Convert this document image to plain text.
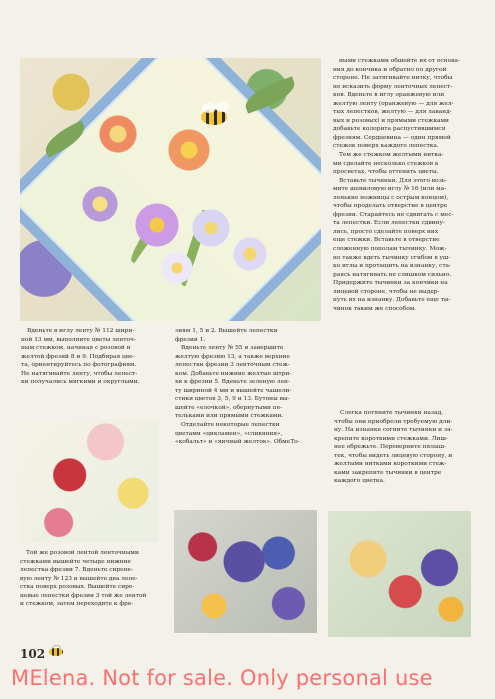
ными стежками обшейте их от основа-
ния до кончика и обратно по другой
стороне. Не затягивайте нитку, чтобы
не исказить форму ленточных лепест-
ков. Вденьте в иглу оранжевую или
желтую ленту (оранжевую — для жел-
тых лепестков, желтую — для лаванд-
вых и розовых) и прямыми стежками
добавьте колорита распустившимся
фрезиям. Сердцевина — один прямой
стежок поверх каждого лепестка.
Тем же стежком желтыми нитка-
ми сделайте несколько стежков в
просветах, чтобы оттенить цветы.
Вставьте тычинки. Для этого возь-
мите шениловую иглу № 16 (или ма-
ленькие ножницы с острым концом),
чтобы проделать отверстие в центре
фрезии. Старайтесь не сдвигать с мес-
та лепестки. Если лепестки сдвину-
лись, просто сделайте поверх них
еще стежки. Вставьте в отверстие
сложенную пополам тычинку. Мож-
но также вдеть тычинку сгибом в уш-
ко иглы и протащить на изнанку, ста-
раясь натягивать не слишком сильно.
Придержите тычинки за кончики на
лицевой стороне, чтобы не выдер-
нуть их на изнанку. Добавьте еще ты-
чинок таким же способом.
Вденьте в иглу ленту № 112 шири-
ной 13 мм, выполните цветы ленточ-
ным стежком, начиная с розовой и
желтой фрезий 8 и 9. Подбирая цве-
та, ориентируйтесь по фотографиям.
Не натягивайте ленту, чтобы лепест-
ки получались мягкими и округлыми.
зиям 1, 5 и 2. Вышейте лепестки
фрезии 1.
Вденьте ленту № 55 и завершите
желтую фрезию 13, а также верхние
лепестки фрезии 3 ленточным стеж-
ком. Добавьте нижние желтые штри-
хи к фрезии 5. Вденьте зеленую лен-
ту шириной 4 мм и вышейте чашели-
стики цветов 3, 5, 9 и 13. Бутоны вы-
шейте «елочкой», обернутыми пе-
тельками или прямыми стежками.
Отделайте некоторые лепестки
цветами «цикламен», «сливяния»,
«кобальт» и «яичный желток». ОбмеТо-
Слегка потяните тычинки назад,
чтобы они приобрели требуемую дли-
ну. На изнанке согните тычинки и за-
крепите короткими стежками. Лиш-
нее обрежьте. Переверните пялыш-
тек, чтобы видеть лицевую сторону, и
желтыми нитками короткими стеж-
ками закрепите тычинки в центре
каждого цветка.
Той же розовой лентой ленточными
стежками вышейте четыре нижние
лепестка фрезии 7. Вденьте сирене-
вую ленту № 123 и вышейте два лепе-
стка поверх розовых. Вышейте сире-
невые лепестки фрезии 3 той же лентой
и стежком, затем переходите к фре-
102
MElena. Not for sale. Only personal use
